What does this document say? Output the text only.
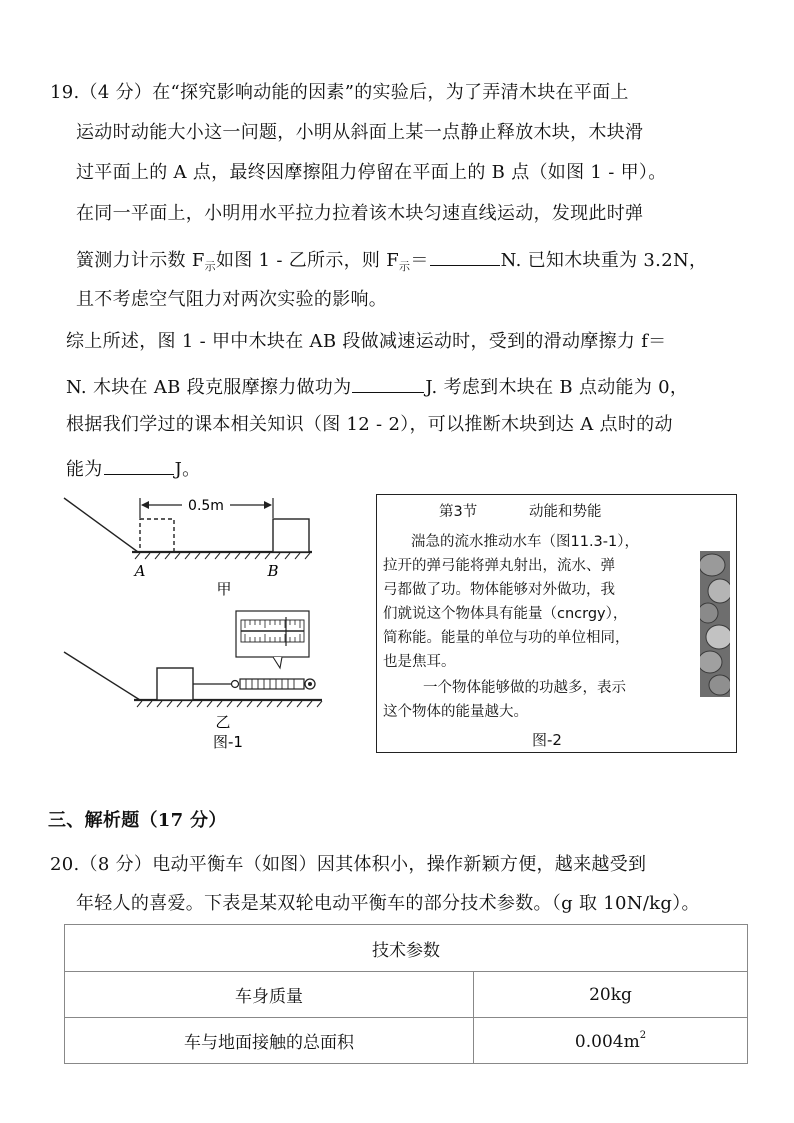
19.（4 分）在“探究影响动能的因素”的实验后，为了弄清木块在平面上
运动时动能大小这一问题，小明从斜面上某一点静止释放木块，木块滑
过平面上的 A 点，最终因摩擦阻力停留在平面上的 B 点（如图 1 - 甲）。
在同一平面上，小明用水平拉力拉着该木块匀速直线运动，发现此时弹
簧测力计示数 $F_示$如图 1 - 乙所示，则 $F_示=$	N. 已知木块重为 3.2N，
且不考虑空气阻力对两次实验的影响。
综上所述，图 1 - 甲中木块在 AB 段做减速运动时，受到的滑动摩擦力 f＝
N. 木块在 AB 段克服摩擦力做功为	J. 考虑到木块在 B 点动能为 0，
根据我们学过的课本相关知识（图 12 - 2），可以推断木块到达 A 点时的动
能为	J。
0.5m
A	B
甲
乙
图-1
第3节	动能和势能
湍急的流水推动水车（图11.3-1），
拉开的弹弓能将弹丸射出，流水、弹
弓都做了功。物体能够对外做功，我
们就说这个物体具有能量（cncrgy），
简称能。能量的单位与功的单位相同，
也是焦耳。
一个物体能够做的功越多，表示
这个物体的能量越大。
图-2
三、解析题（17 分）
20.（8 分）电动平衡车（如图）因其体积小，操作新颖方便，越来越受到
年轻人的喜爱。下表是某双轮电动平衡车的部分技术参数。（g 取 10N/kg）。
技术参数	
车身质量	20kg
车与地面接触的总面积	$0.004m^2$
